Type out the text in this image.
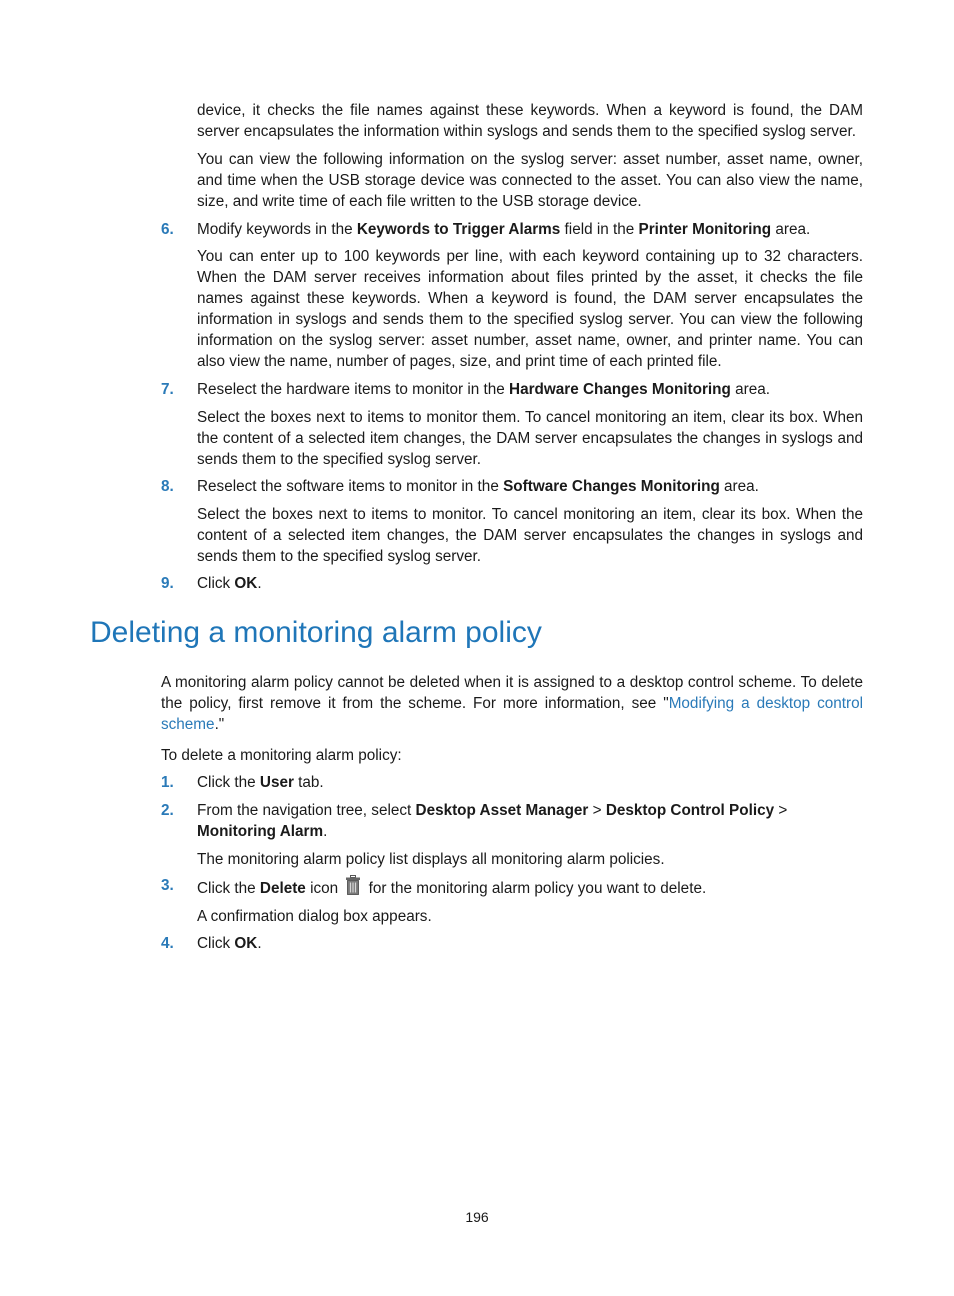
device, it checks the file names against these keywords. When a keyword is found, the DAM server encapsulates the information within syslogs and sends them to the specified syslog server.

You can view the following information on the syslog server: asset number, asset name, owner, and time when the USB storage device was connected to the asset. You can also view the name, size, and write time of each file written to the USB storage device.

6.	Modify keywords in the Keywords to Trigger Alarms field in the Printer Monitoring area.

You can enter up to 100 keywords per line, with each keyword containing up to 32 characters. When the DAM server receives information about files printed by the asset, it checks the file names against these keywords. When a keyword is found, the DAM server encapsulates the information in syslogs and sends them to the specified syslog server. You can view the following information on the syslog server: asset number, asset name, owner, and printer name. You can also view the name, number of pages, size, and print time of each printed file.

7.	Reselect the hardware items to monitor in the Hardware Changes Monitoring area.

Select the boxes next to items to monitor them. To cancel monitoring an item, clear its box. When the content of a selected item changes, the DAM server encapsulates the changes in syslogs and sends them to the specified syslog server.

8.	Reselect the software items to monitor in the Software Changes Monitoring area.

Select the boxes next to items to monitor. To cancel monitoring an item, clear its box. When the content of a selected item changes, the DAM server encapsulates the changes in syslogs and sends them to the specified syslog server.

9.	Click OK.
Deleting a monitoring alarm policy

A monitoring alarm policy cannot be deleted when it is assigned to a desktop control scheme. To delete the policy, first remove it from the scheme. For more information, see "Modifying a desktop control scheme."

To delete a monitoring alarm policy:

1.	Click the User tab.
2.	From the navigation tree, select Desktop Asset Manager > Desktop Control Policy > Monitoring Alarm.

The monitoring alarm policy list displays all monitoring alarm policies.

3.	Click the Delete icon  for the monitoring alarm policy you want to delete.

A confirmation dialog box appears.

4.	Click OK.
196
